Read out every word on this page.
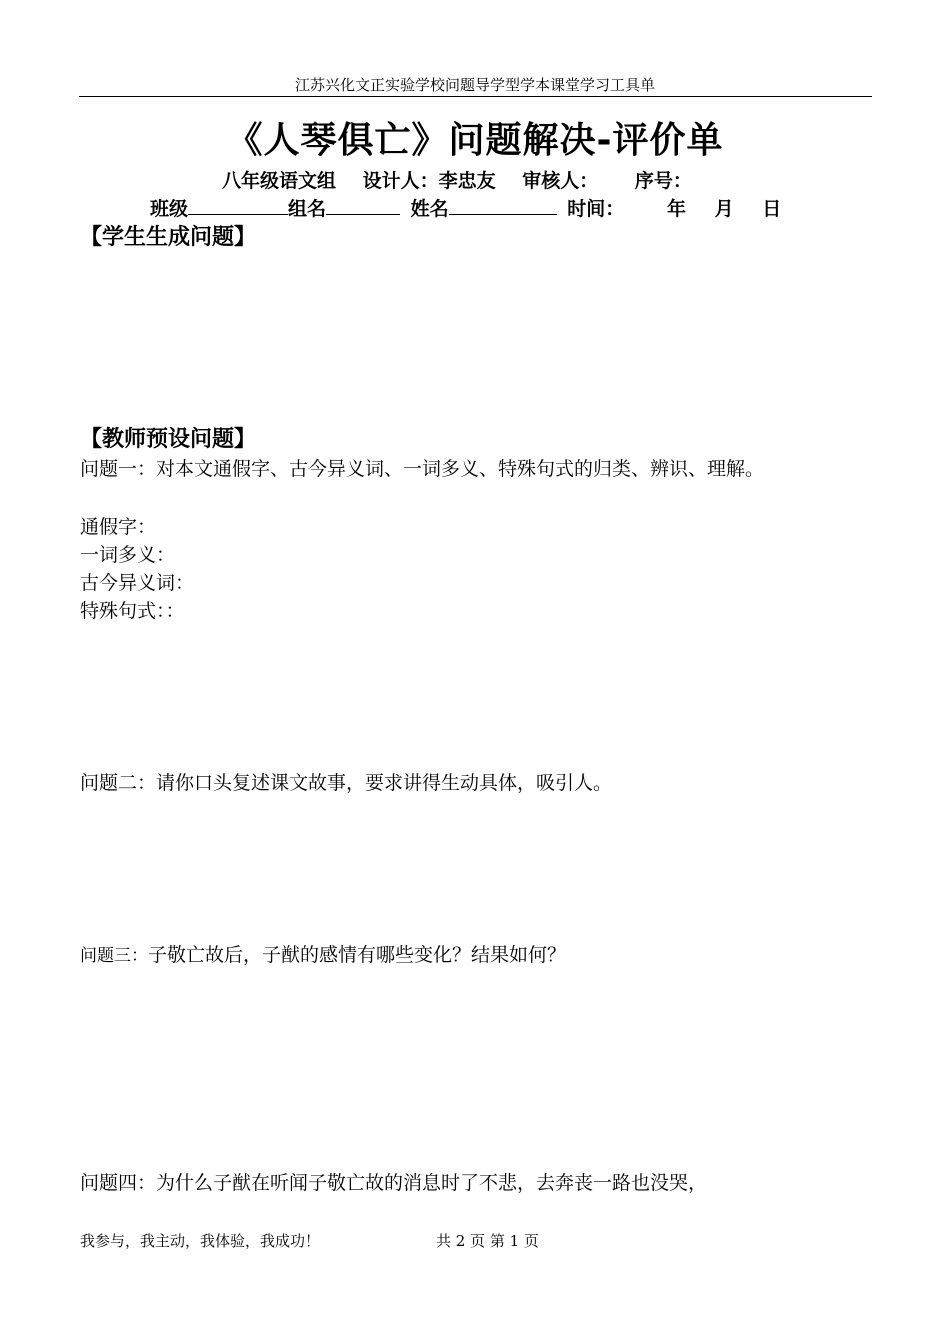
江苏兴化文正实验学校问题导学型学本课堂学习工具单
《人琴俱亡》问题解决-评价单
八年级语文组 设计人：李忠友 审核人： 序号：
班级	组名	姓名	时间： 年 月 日
【学生生成问题】
【教师预设问题】
问题一：对本文通假字、古今异义词、一词多义、特殊句式的归类、辨识、理解。
通假字：
一词多义：
古今异义词：
特殊句式：：
问题二：请你口头复述课文故事，要求讲得生动具体，吸引人。
问题三：子敬亡故后，子猷的感情有哪些变化？结果如何？
问题四：为什么子猷在听闻子敬亡故的消息时了不悲，去奔丧一路也没哭，
我参与，我主动，我体验，我成功！	共 2 页 第 1 页
